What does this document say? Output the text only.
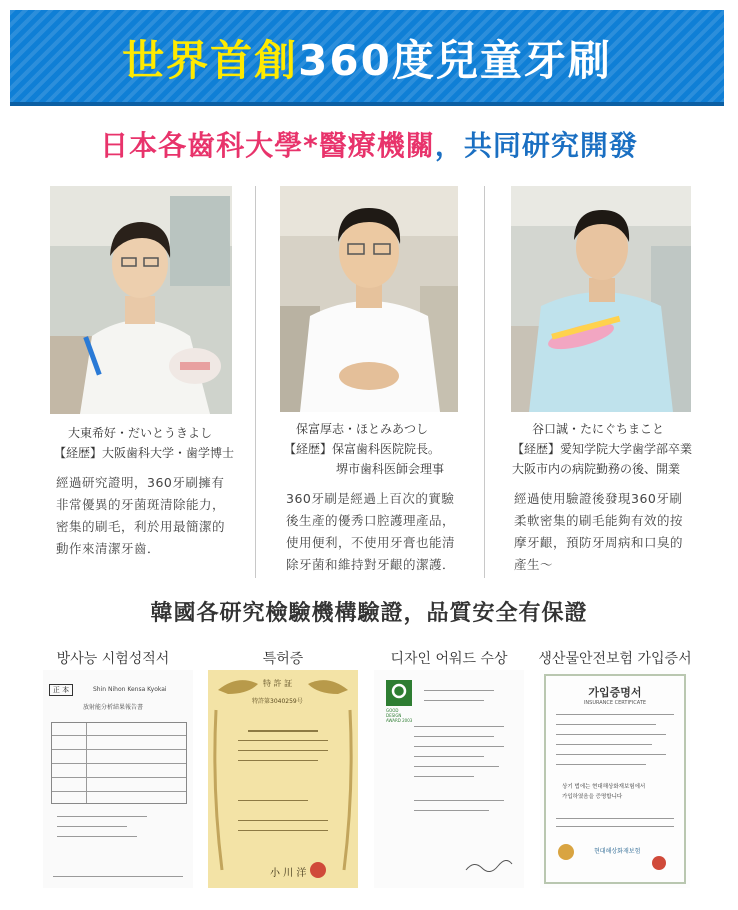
世界首創360度兒童牙刷
日本各齒科大學*醫療機關，共同研究開發
大東希好・だいとうきよし
【経歴】大阪歯科大学・歯学博士
經過研究證明，360牙刷擁有
非常優異的牙菌斑清除能力，
密集的刷毛，利於用最簡潔的
動作來清潔牙齒．
保富厚志・ほとみあつし
【経歴】保富歯科医院院長。
堺市歯科医師会理事
360牙刷是經過上百次的實驗
後生產的優秀口腔護理產品，
使用便利，不使用牙膏也能清
除牙菌和維持對牙齦的潔護．
谷口誠・たにぐちまこと
【経歴】愛知学院大学歯学部卒業
大阪市内の病院勤務の後、開業
經過使用驗證後發現360牙刷
柔軟密集的刷毛能夠有效的按
摩牙齦，預防牙周病和口臭的
產生～
韓國各研究檢驗機構驗證，品質安全有保證
방사능 시험성적서	특허증	디자인 어워드 수상	생산물안전보험 가입증서
正 本	Shin Nihon Kensa Kyokai
放射能分析結果報告書
特 許 証
特許第3040259号
小 川 洋
GOOD DESIGN AWARD 2003
가입증명서
INSURANCE CERTIFICATE
상기 법에는 현대해상화재보험에서
가입하였음을 증명합니다
현대해상화재보험
